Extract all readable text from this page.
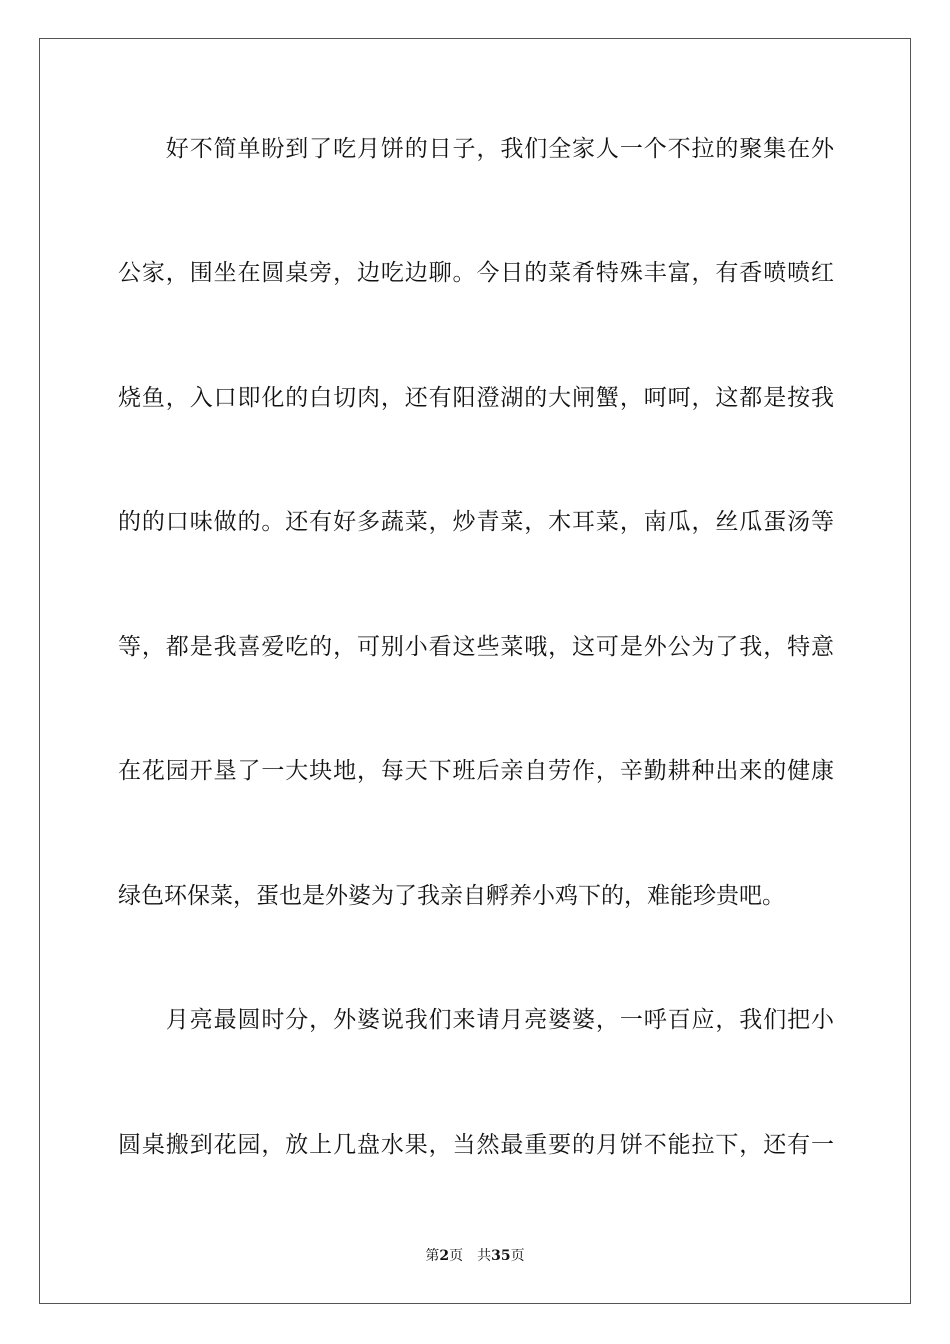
　　好不简单盼到了吃月饼的日子，我们全家人一个不拉的聚集在外
公家，围坐在圆桌旁，边吃边聊。今日的菜肴特殊丰富，有香喷喷红
烧鱼，入口即化的白切肉，还有阳澄湖的大闸蟹，呵呵，这都是按我
的的口味做的。还有好多蔬菜，炒青菜，木耳菜，南瓜，丝瓜蛋汤等
等，都是我喜爱吃的，可别小看这些菜哦，这可是外公为了我，特意
在花园开垦了一大块地，每天下班后亲自劳作，辛勤耕种出来的健康
绿色环保菜，蛋也是外婆为了我亲自孵养小鸡下的，难能珍贵吧。
　　月亮最圆时分，外婆说我们来请月亮婆婆，一呼百应，我们把小
圆桌搬到花园，放上几盘水果，当然最重要的月饼不能拉下，还有一
第2页 共35页
